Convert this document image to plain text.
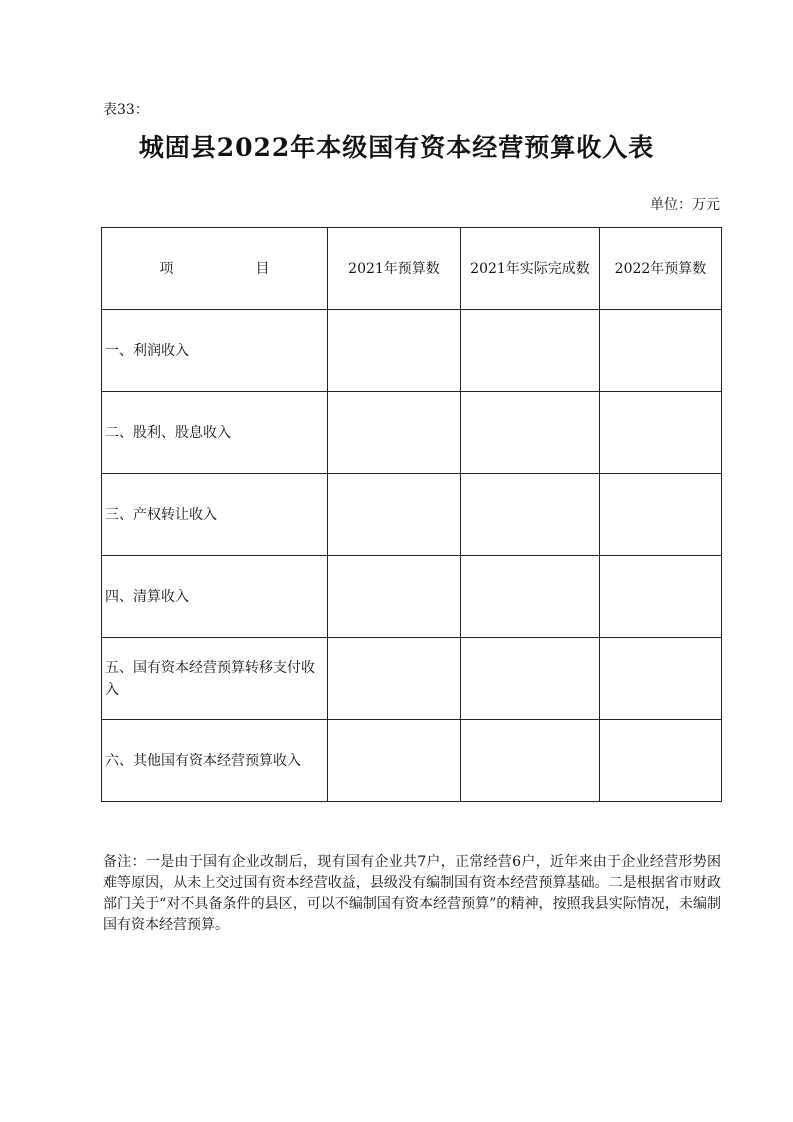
表33：
城固县2022年本级国有资本经营预算收入表
单位：万元
项 目	2021年预算数	2021年实际完成数	2022年预算数
一、利润收入			
二、股利、股息收入			
三、产权转让收入			
四、清算收入			
五、国有资本经营预算转移支付收入			
六、其他国有资本经营预算收入			
备注：一是由于国有企业改制后，现有国有企业共7户，正常经营6户，近年来由于企业经营形势困难等原因，从未上交过国有资本经营收益，县级没有编制国有资本经营预算基础。二是根据省市财政部门关于“对不具备条件的县区，可以不编制国有资本经营预算”的精神，按照我县实际情况，未编制国有资本经营预算。
